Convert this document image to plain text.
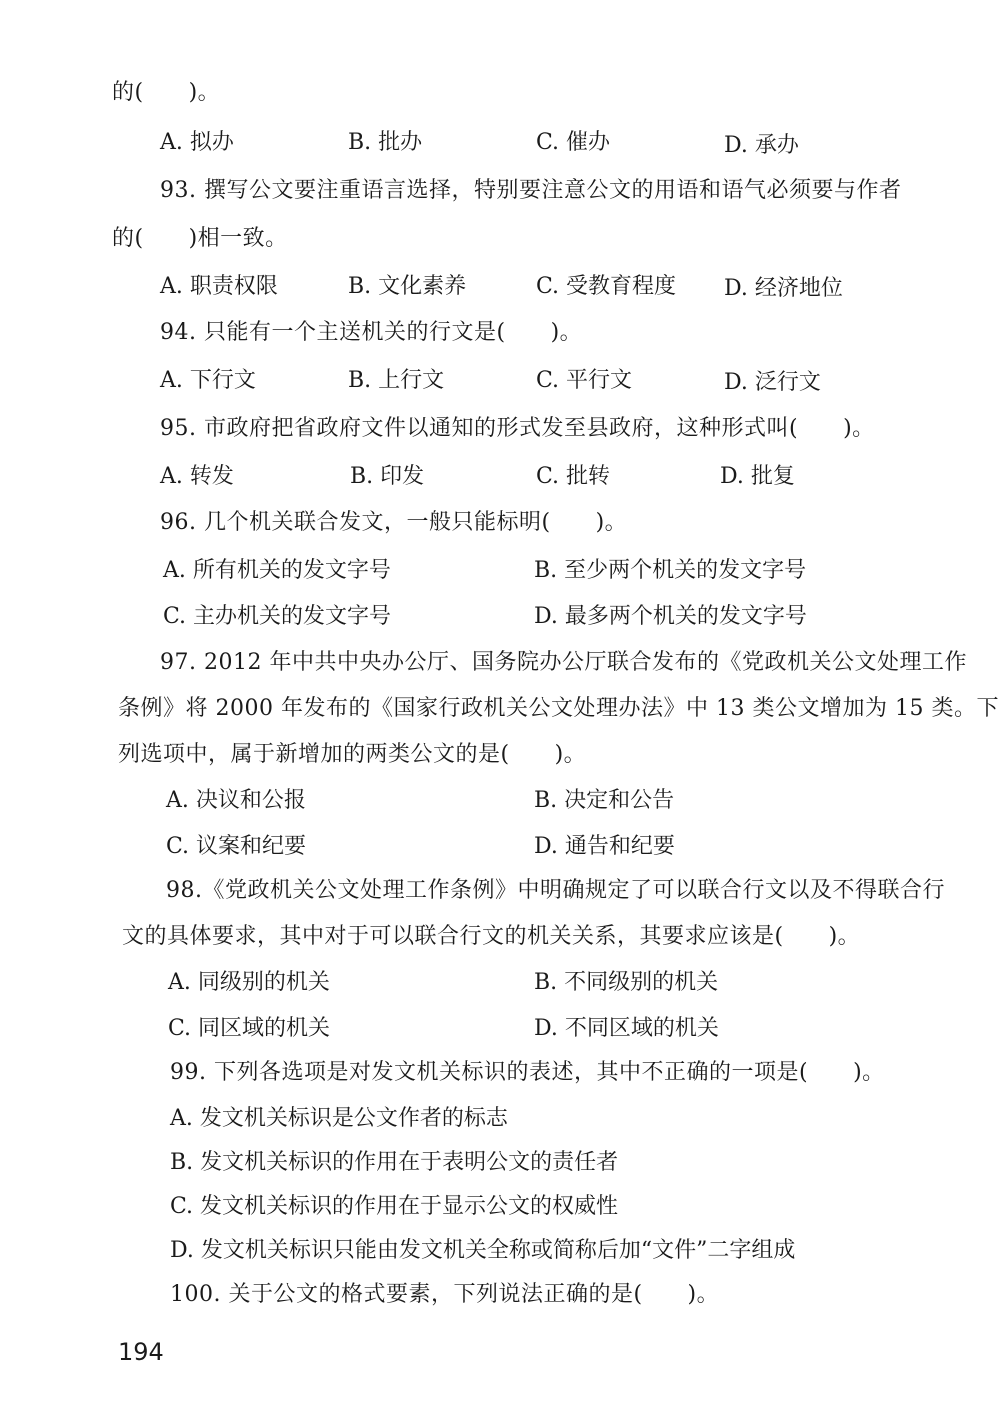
的(　　)。
A. 拟办	B. 批办	C. 催办	D. 承办
93. 撰写公文要注重语言选择，特别要注意公文的用语和语气必须要与作者
的(　　)相一致。
A. 职责权限	B. 文化素养	C. 受教育程度 D. 经济地位
94. 只能有一个主送机关的行文是(　　)。
A. 下行文	B. 上行文	C. 平行文	D. 泛行文
95. 市政府把省政府文件以通知的形式发至县政府，这种形式叫(　　)。
A. 转发	B. 印发	C. 批转	D. 批复
96. 几个机关联合发文，一般只能标明(　　)。
A. 所有机关的发文字号	B. 至少两个机关的发文字号
C. 主办机关的发文字号	D. 最多两个机关的发文字号
97. 2012 年中共中央办公厅、国务院办公厅联合发布的《党政机关公文处理工作
条例》将 2000 年发布的《国家行政机关公文处理办法》中 13 类公文增加为 15 类。下
列选项中，属于新增加的两类公文的是(　　)。
A. 决议和公报	B. 决定和公告
C. 议案和纪要	D. 通告和纪要
98.《党政机关公文处理工作条例》中明确规定了可以联合行文以及不得联合行
文的具体要求，其中对于可以联合行文的机关关系，其要求应该是(　　)。
A. 同级别的机关	B. 不同级别的机关
C. 同区域的机关	D. 不同区域的机关
99. 下列各选项是对发文机关标识的表述，其中不正确的一项是(　　)。
A. 发文机关标识是公文作者的标志
B. 发文机关标识的作用在于表明公文的责任者
C. 发文机关标识的作用在于显示公文的权威性
D. 发文机关标识只能由发文机关全称或简称后加“文件”二字组成
100. 关于公文的格式要素，下列说法正确的是(　　)。
194
